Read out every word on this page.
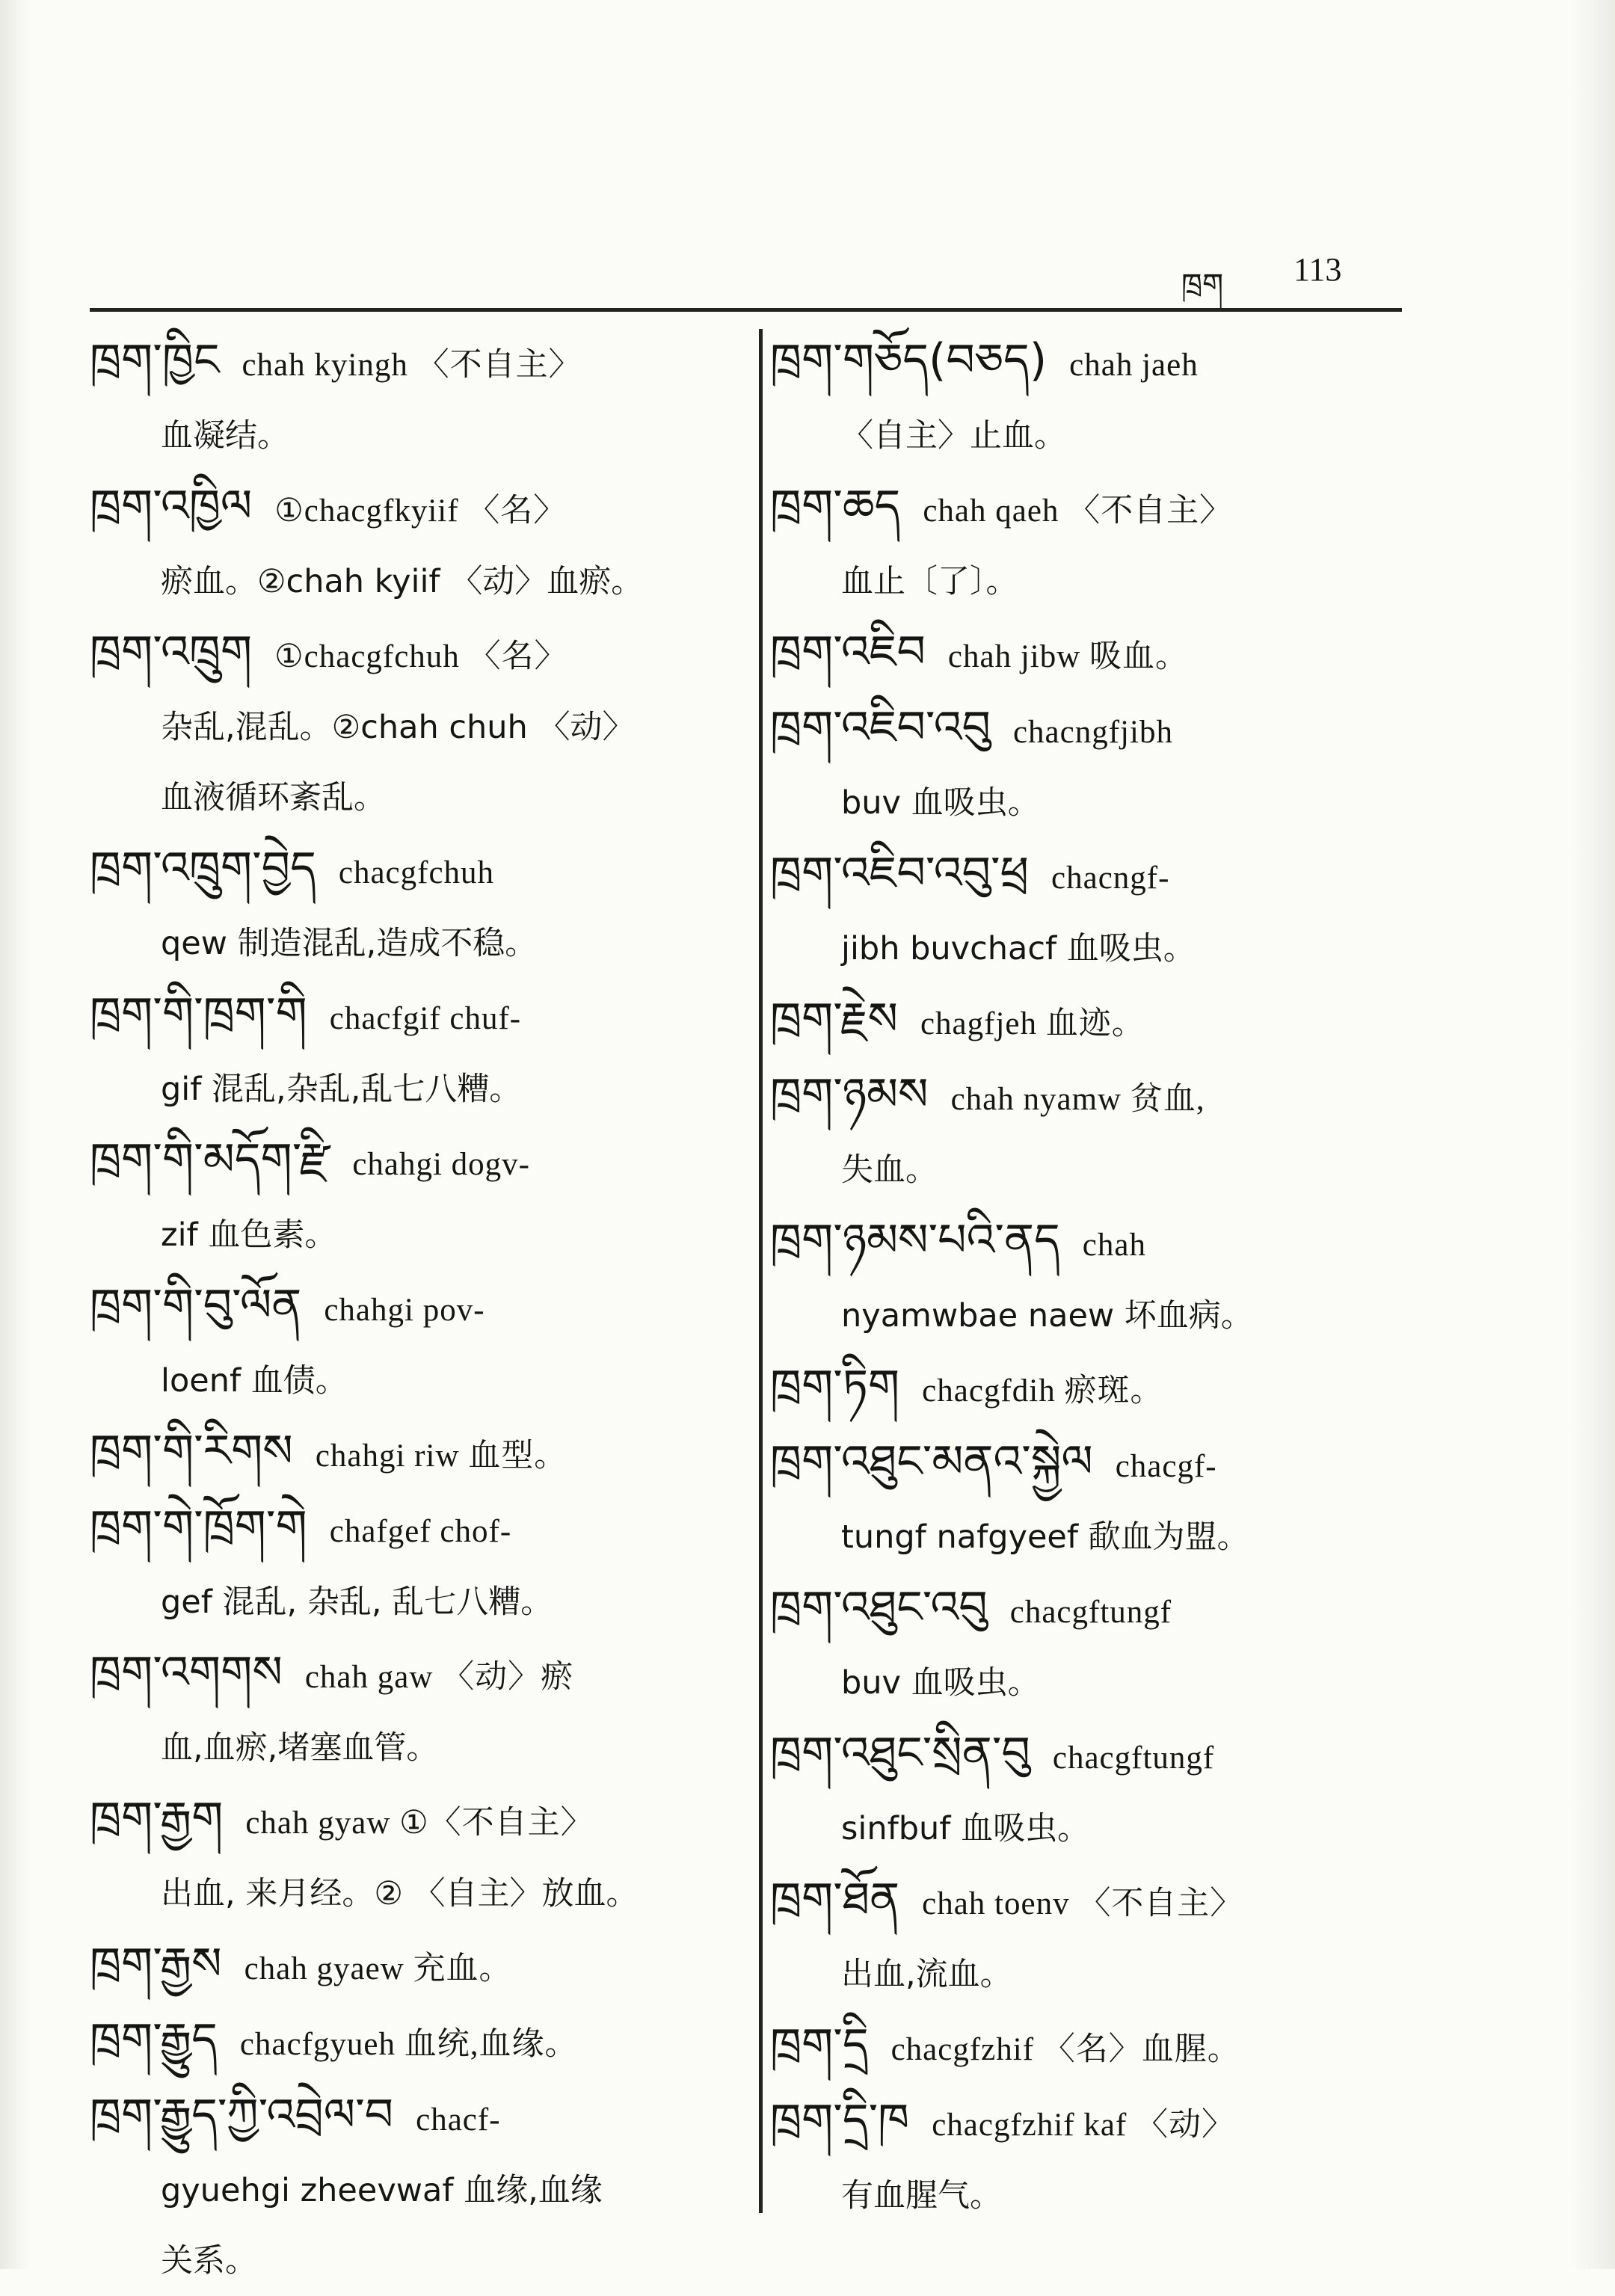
ཁྲག 113
ཁྲག་ཁྱིང chah kyingh 〈不自主〉
血凝结。
ཁྲག་འཁྱིལ ①chacgfkyiif 〈名〉
瘀血。②chah kyiif 〈动〉血瘀。
ཁྲག་འཁྲུག ①chacgfchuh 〈名〉
杂乱,混乱。②chah chuh 〈动〉
血液循环紊乱。
ཁྲག་འཁྲུག་བྱེད chacgfchuh
qew 制造混乱,造成不稳。
ཁྲག་གི་ཁྲག་གི chacfgif chuf-
gif 混乱,杂乱,乱七八糟。
ཁྲག་གི་མདོག་རྫི chahgi dogv-
zif 血色素。
ཁྲག་གི་བུ་ལོན chahgi pov-
loenf 血债。
ཁྲག་གི་རིགས chahgi riw 血型。
ཁྲག་གེ་ཁྲོག་གེ chafgef chof-
gef 混乱, 杂乱, 乱七八糟。
ཁྲག་འགགས chah gaw 〈动〉瘀
血,血瘀,堵塞血管。
ཁྲག་རྒྱག chah gyaw ①〈不自主〉
出血, 来月经。② 〈自主〉放血。
ཁྲག་རྒྱས chah gyaew 充血。
ཁྲག་རྒྱུད chacfgyueh 血统,血缘。
ཁྲག་རྒྱུད་ཀྱི་འབྲེལ་བ chacf-
gyuehgi zheevwaf 血缘,血缘
关系。
ཁྲག་གཅོད(བཅད) chah jaeh
〈自主〉止血。
ཁྲག་ཆད chah qaeh 〈不自主〉
血止〔了〕。
ཁྲག་འཇིབ chah jibw 吸血。
ཁྲག་འཇིབ་འབུ chacngfjibh
buv 血吸虫。
ཁྲག་འཇིབ་འབུ་ཕྲ chacngf-
jibh buvchacf 血吸虫。
ཁྲག་རྗེས chagfjeh 血迹。
ཁྲག་ཉམས chah nyamw 贫血,
失血。
ཁྲག་ཉམས་པའི་ནད chah
nyamwbae naew 坏血病。
ཁྲག་ཏིག chacgfdih 瘀斑。
ཁྲག་འཐུང་མནའ་སྐྱེལ chacgf-
tungf nafgyeef 歃血为盟。
ཁྲག་འཐུང་འབུ chacgftungf
buv 血吸虫。
ཁྲག་འཐུང་སྲིན་བུ chacgftungf
sinfbuf 血吸虫。
ཁྲག་ཐོན chah toenv 〈不自主〉
出血,流血。
ཁྲག་དྲི chacgfzhif 〈名〉血腥。
ཁྲག་དྲི་ཁ chacgfzhif kaf 〈动〉
有血腥气。
